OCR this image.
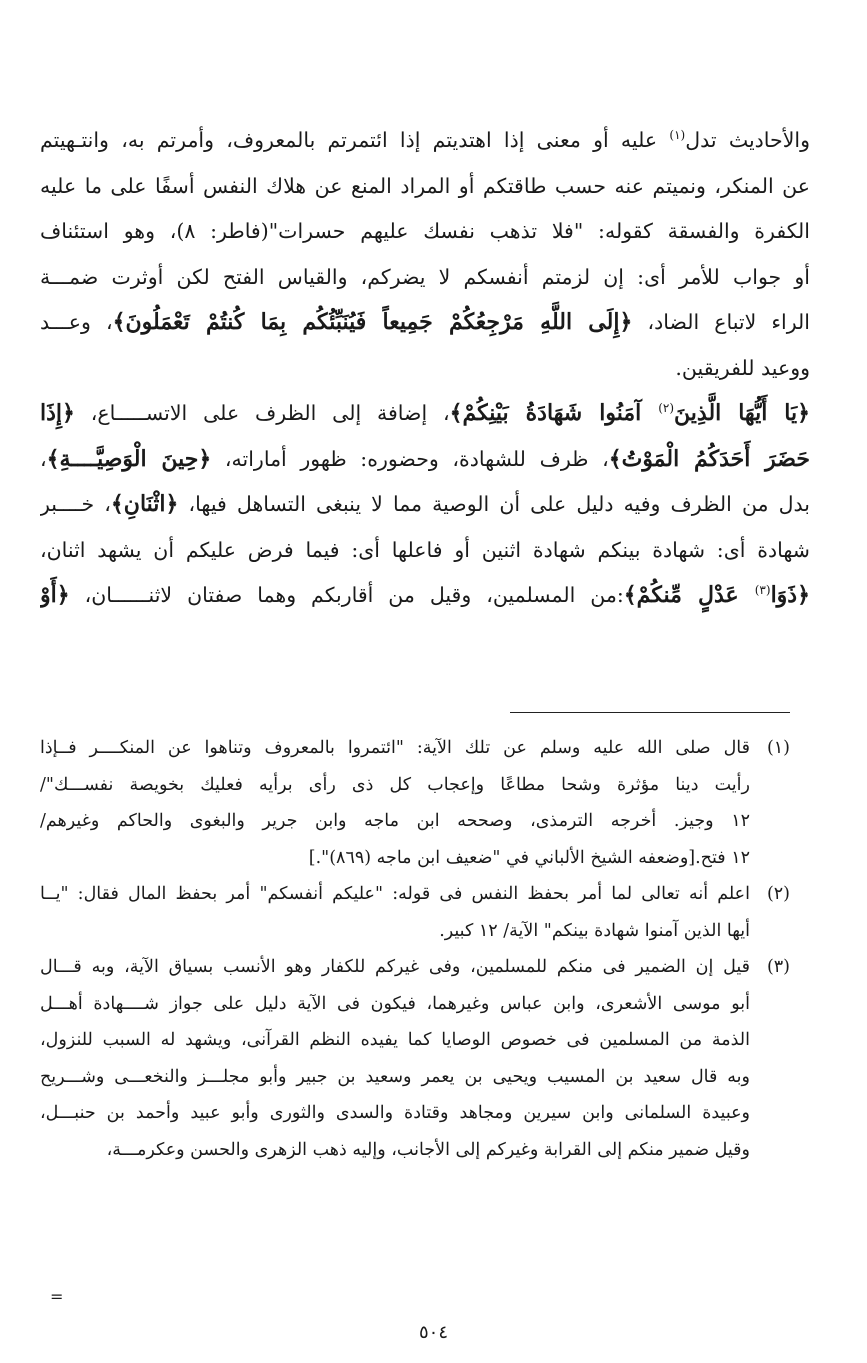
والأحاديث تدل$^{(١)}$ عليه أو معنى إذا اهتديتم إذا ائتمرتم بالمعروف، وأمرتم به، وانتـهيتم
عن المنكر، ونميتم عنه حسب طاقتكم أو المراد المنع عن هلاك النفس أسفًا على ما عليه
الكفرة والفسقة كقوله: "فلا تذهب نفسك عليهم حسرات"(فاطر: ٨)، وهو استئناف
أو جواب للأمر أى: إن لزمتم أنفسكم لا يضركم، والقياس الفتح لكن أوثرت ضمـــة
الراء لاتباع الضاد، ﴿إِلَى اللَّهِ مَرْجِعُكُمْ جَمِيعاً فَيُنَبِّئُكُم بِمَا كُنتُمْ تَعْمَلُونَ﴾، وعـــد
ووعيد للفريقين.
﴿يَا أَيُّهَا الَّذِينَ$^{(٢)}$ آمَنُوا شَهَادَةُ بَيْنِكُمْ﴾، إضافة إلى الظرف على الاتســـــاع، ﴿إِذَا
حَضَرَ أَحَدَكُمُ الْمَوْتُ﴾، ظرف للشهادة، وحضوره: ظهور أماراته، ﴿حِينَ الْوَصِيَّــــةِ﴾،
بدل من الظرف وفيه دليل على أن الوصية مما لا ينبغى التساهل فيها، ﴿اثْنَانِ﴾، خــــبر
شهادة أى: شهادة بينكم شهادة اثنين أو فاعلها أى: فيما فرض عليكم أن يشهد اثنان،
﴿ذَوَا$^{(٣)}$ عَدْلٍ مِّنكُمْ﴾:من المسلمين، وقيل من أقاربكم وهما صفتان لاثنــــــان، ﴿أَوْ
(١)
قال صلى الله عليه وسلم عن تلك الآية: "ائتمروا بالمعروف وتناهوا عن المنكــــر فــإذا
رأيت دينا مؤثرة وشحا مطاعًا وإعجاب كل ذى رأى برأيه فعليك بخويصة نفســـك"/
١٢ وجيز. أخرجه الترمذى، وصححه ابن ماجه وابن جرير والبغوى والحاكم وغيرهم/
١٢ فتح.[وضعفه الشيخ الألباني في "ضعيف ابن ماجه (٨٦٩)".]
(٢)
اعلم أنه تعالى لما أمر بحفظ النفس فى قوله: "عليكم أنفسكم" أمر بحفظ المال فقال: "يــا
أيها الذين آمنوا شهادة بينكم" الآية/ ١٢ كبير.
(٣)
قيل إن الضمير فى منكم للمسلمين، وفى غيركم للكفار وهو الأنسب بسياق الآية، وبه قـــال
أبو موسى الأشعرى، وابن عباس وغيرهما، فيكون فى الآية دليل على جواز شــــهادة أهـــل
الذمة من المسلمين فى خصوص الوصايا كما يفيده النظم القرآنى، ويشهد له السبب للنزول،
وبه قال سعيد بن المسيب ويحيى بن يعمر وسعيد بن جبير وأبو مجلـــز والنخعـــى وشـــريح
وعبيدة السلمانى وابن سيرين ومجاهد وقتادة والسدى والثورى وأبو عبيد وأحمد بن حنبـــل،
وقيل ضمير منكم إلى القرابة وغيركم إلى الأجانب، وإليه ذهب الزهرى والحسن وعكرمـــة،
=
٥٠٤
